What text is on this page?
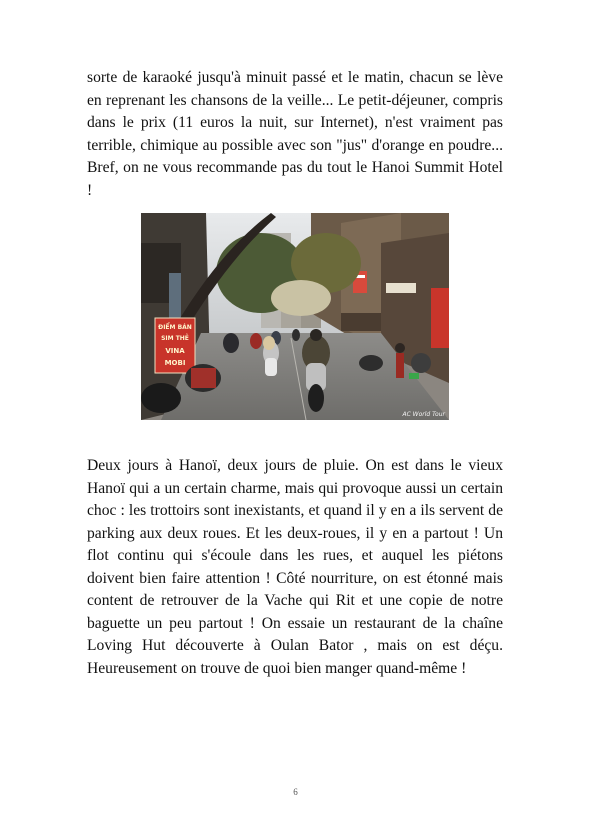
sorte de karaoké jusqu'à minuit passé et le matin, chacun se lève en reprenant les chansons de la veille... Le petit-déjeuner, compris dans le prix (11 euros la nuit, sur Internet), n'est vraiment pas terrible, chimique au possible avec son "jus" d'orange en poudre... Bref, on ne vous recommande pas du tout le Hanoi Summit Hotel !

ĐIỂM BÁN
SIM THẺ
VINA
MOBI
AC World Tour

Deux jours à Hanoï, deux jours de pluie. On est dans le vieux Hanoï qui a un certain charme, mais qui provoque aussi un certain choc : les trottoirs sont inexistants, et quand il y en a ils servent de parking aux deux roues. Et les deux-roues, il y en a partout ! Un flot continu qui s'écoule dans les rues, et auquel les piétons doivent bien faire attention ! Côté nourriture, on est étonné mais content de retrouver de la Vache qui Rit et une copie de notre baguette un peu partout ! On essaie un restaurant de la chaîne Loving Hut découverte à Oulan Bator , mais on est déçu. Heureusement on trouve de quoi bien manger quand-même !

6
